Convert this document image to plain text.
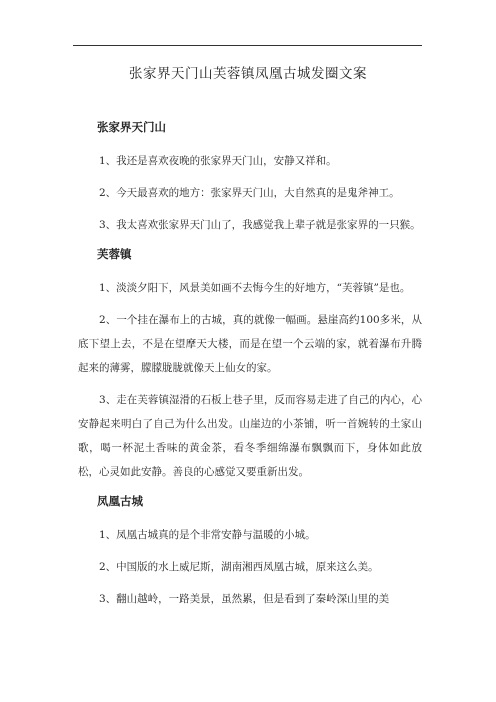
张家界天门山芙蓉镇凤凰古城发圈文案
张家界天门山

1、我还是喜欢夜晚的张家界天门山，安静又祥和。

2、今天最喜欢的地方：张家界天门山，大自然真的是鬼斧神工。

3、我太喜欢张家界天门山了，我感觉我上辈子就是张家界的一只猴。

芙蓉镇

1、淡淡夕阳下，风景美如画不去悔今生的好地方，“芙蓉镇”是也。

2、一个挂在瀑布上的古城，真的就像一幅画。悬崖高约100多米，从底下望上去，不是在望摩天大楼，而是在望一个云端的家，就着瀑布升腾起来的薄雾，朦朦胧胧就像天上仙女的家。

3、走在芙蓉镇湿滑的石板上巷子里，反而容易走进了自己的内心，心安静起来明白了自己为什么出发。山崖边的小茶铺，听一首婉转的土家山歌，喝一杯泥土香味的黄金茶，看冬季细绵瀑布飘飘而下，身体如此放松，心灵如此安静。善良的心感觉又要重新出发。

凤凰古城

1、凤凰古城真的是个非常安静与温暖的小城。

2、中国版的水上威尼斯，湖南湘西凤凰古城，原来这么美。

3、翻山越岭，一路美景，虽然累，但是看到了秦岭深山里的美
